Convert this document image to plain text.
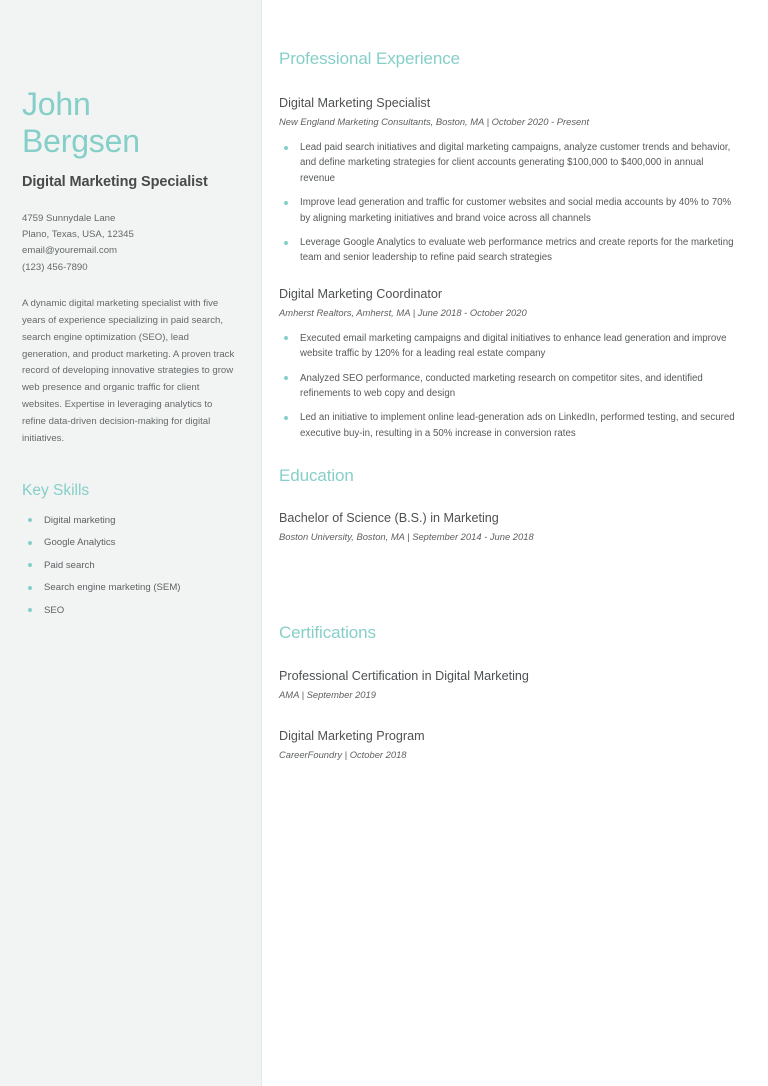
John
Bergsen
Digital Marketing Specialist
4759 Sunnydale Lane
Plano, Texas, USA, 12345
email@youremail.com
(123) 456-7890

A dynamic digital marketing specialist with five years of experience specializing in paid search, search engine optimization (SEO), lead generation, and product marketing. A proven track record of developing innovative strategies to grow web presence and organic traffic for client websites. Expertise in leveraging analytics to refine data-driven decision-making for digital initiatives.

Key Skills
Digital marketing
Google Analytics
Paid search
Search engine marketing (SEM)
SEO
Professional Experience
Digital Marketing Specialist
New England Marketing Consultants, Boston, MA | October 2020 - Present
Lead paid search initiatives and digital marketing campaigns, analyze customer trends and behavior, and define marketing strategies for client accounts generating $100,000 to $400,000 in annual revenue
Improve lead generation and traffic for customer websites and social media accounts by 40% to 70% by aligning marketing initiatives and brand voice across all channels
Leverage Google Analytics to evaluate web performance metrics and create reports for the marketing team and senior leadership to refine paid search strategies
Digital Marketing Coordinator
Amherst Realtors, Amherst, MA | June 2018 - October 2020
Executed email marketing campaigns and digital initiatives to enhance lead generation and improve website traffic by 120% for a leading real estate company
Analyzed SEO performance, conducted marketing research on competitor sites, and identified refinements to web copy and design
Led an initiative to implement online lead-generation ads on LinkedIn, performed testing, and secured executive buy-in, resulting in a 50% increase in conversion rates
Education
Bachelor of Science (B.S.) in Marketing
Boston University, Boston, MA | September 2014 - June 2018
Certifications
Professional Certification in Digital Marketing
AMA | September 2019
Digital Marketing Program
CareerFoundry | October 2018
